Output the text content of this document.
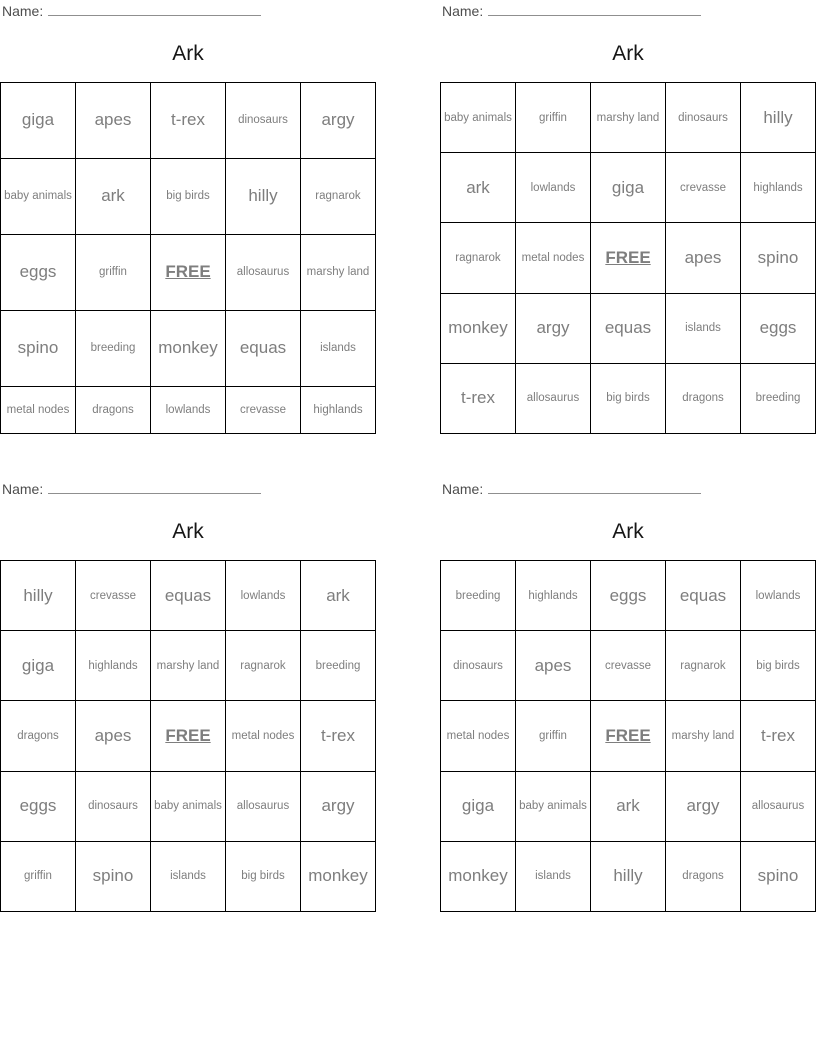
Name:
Ark
giga	apes	t-rex	dinosaurs	argy
baby animals	ark	big birds	hilly	ragnarok
eggs	griffin	FREE	allosaurus	marshy land
spino	breeding	monkey	equas	islands
metal nodes	dragons	lowlands	crevasse	highlands
Name:
Ark
baby animals	griffin	marshy land	dinosaurs	hilly
ark	lowlands	giga	crevasse	highlands
ragnarok	metal nodes	FREE	apes	spino
monkey	argy	equas	islands	eggs
t-rex	allosaurus	big birds	dragons	breeding
Name:
Ark
hilly	crevasse	equas	lowlands	ark
giga	highlands	marshy land	ragnarok	breeding
dragons	apes	FREE	metal nodes	t-rex
eggs	dinosaurs	baby animals	allosaurus	argy
griffin	spino	islands	big birds	monkey
Name:
Ark
breeding	highlands	eggs	equas	lowlands
dinosaurs	apes	crevasse	ragnarok	big birds
metal nodes	griffin	FREE	marshy land	t-rex
giga	baby animals	ark	argy	allosaurus
monkey	islands	hilly	dragons	spino
